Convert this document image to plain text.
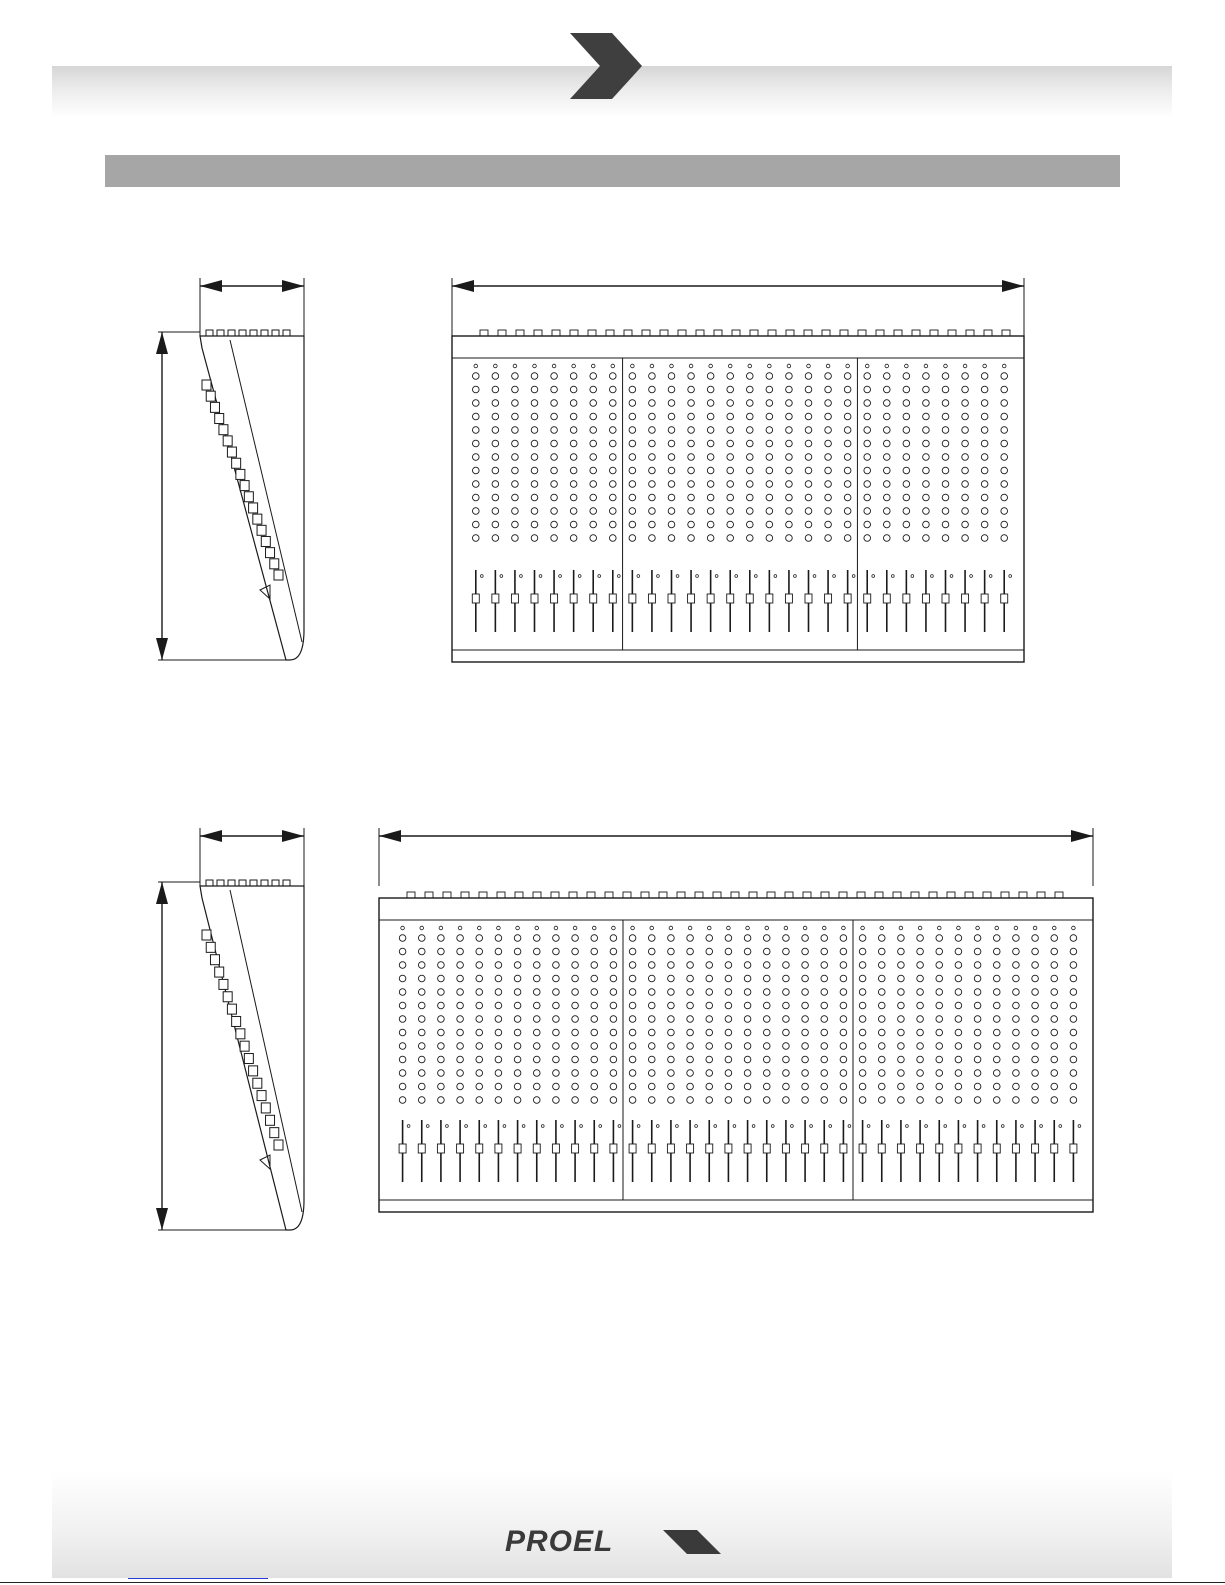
PROEL
